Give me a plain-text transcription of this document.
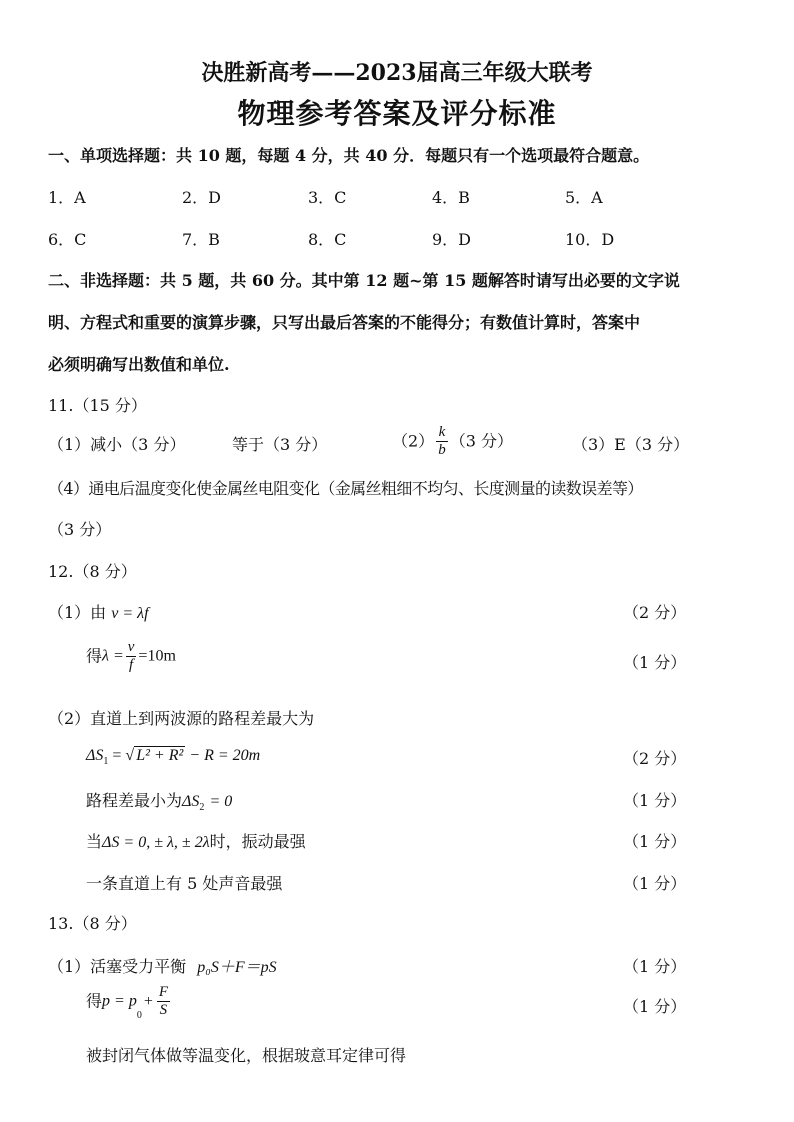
决胜新高考——2023届高三年级大联考
物理参考答案及评分标准
一、单项选择题：共 10 题，每题 4 分，共 40 分．每题只有一个选项最符合题意。
1．A	2．D	3．C	4．B	5．A
6．C	7．B	8．C	9．D	10．D
二、非选择题：共 5 题，共 60 分。其中第 12 题~第 15 题解答时请写出必要的文字说
明、方程式和重要的演算步骤，只写出最后答案的不能得分；有数值计算时，答案中
必须明确写出数值和单位.
11.（15 分）
（1）减小（3 分）	等于（3 分）	$(2) \frac{k}{b} (3$ 分）	（3）E（3 分）
（4）通电后温度变化使金属丝电阻变化（金属丝粗细不均匀、长度测量的读数误差等）
（3 分）
12.（8 分）
（1）由 v = λf	（2 分）
得$\lambda = \frac{v}{f} =10m$	（1 分）
（2）直道上到两波源的路程差最大为
$\Delta S_1$ = √ L² + R² − R = 20m	（2 分）
路程差最小为$\Delta S_2 = 0$	（1 分）
当ΔS = 0, ± λ, ± 2λ时，振动最强	（1 分）
一条直道上有 5 处声音最强	（1 分）
13.（8 分）
（1）活塞受力平衡 p₀S＋F＝pS	（1 分）
得$p = p_0+ \frac{F}{S}$	（1 分）
被封闭气体做等温变化，根据玻意耳定律可得
